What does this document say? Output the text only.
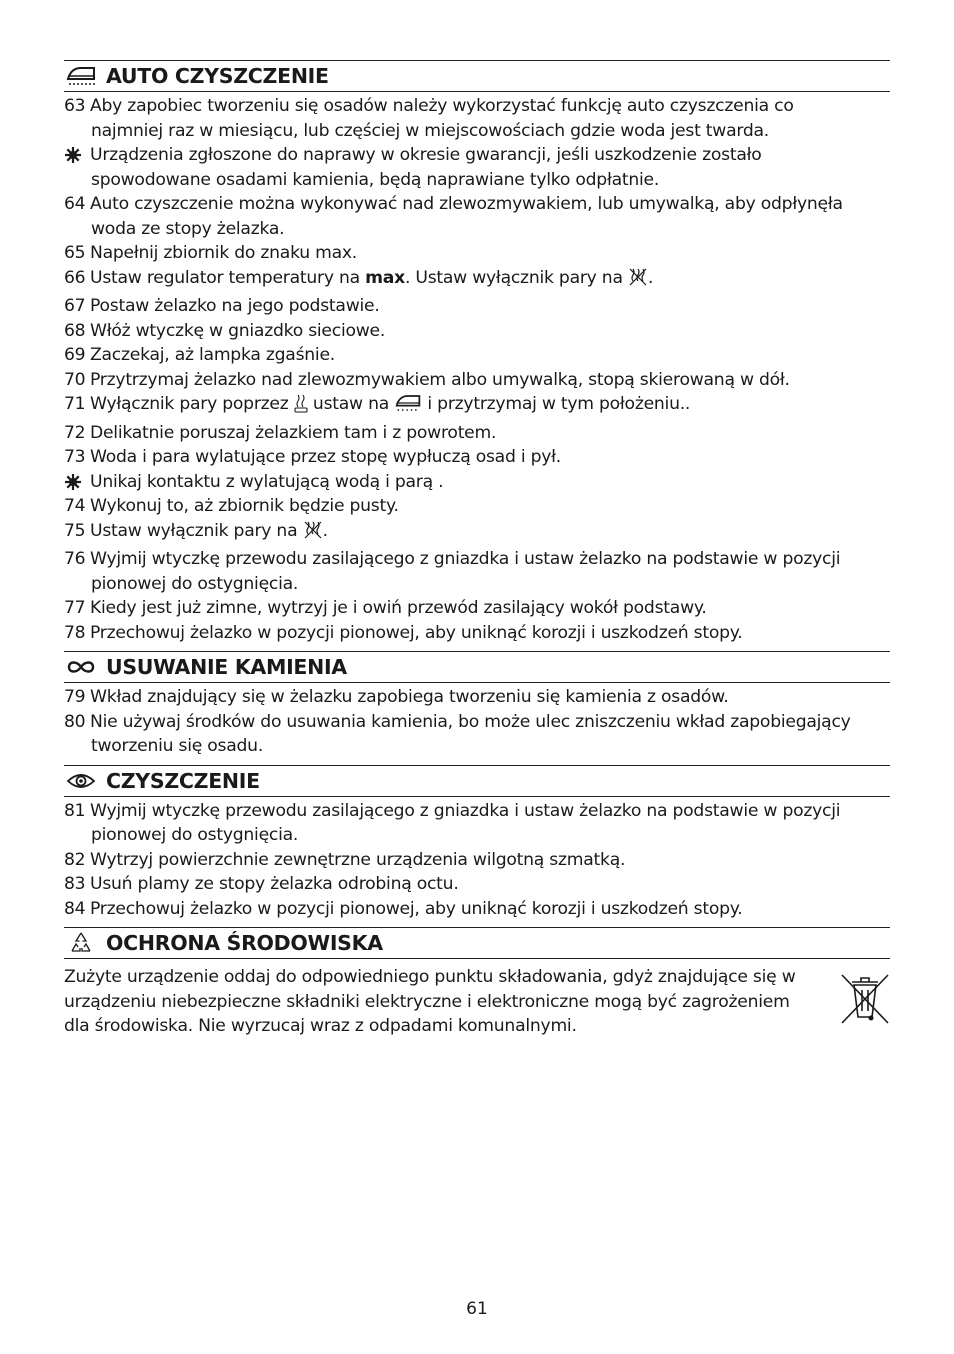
AUTO CZYSZCZENIE
63 Aby zapobiec tworzeniu się osadów należy wykorzystać funkcję auto czyszczenia co
najmniej raz w miesiącu, lub częściej w miejscowościach gdzie woda jest twarda.
Urządzenia zgłoszone do naprawy w okresie gwarancji, jeśli uszkodzenie zostało
spowodowane osadami kamienia, będą naprawiane tylko odpłatnie.
64 Auto czyszczenie można wykonywać nad zlewozmywakiem, lub umywalką, aby odpłynęła
woda ze stopy żelazka.
65 Napełnij zbiornik do znaku max.
66 Ustaw regulator temperatury na max. Ustaw wyłącznik pary na .
67 Postaw żelazko na jego podstawie.
68 Włóż wtyczkę w gniazdko sieciowe.
69 Zaczekaj, aż lampka zgaśnie.
70 Przytrzymaj żelazko nad zlewozmywakiem albo umywalką, stopą skierowaną w dół.
71 Wyłącznik pary poprzez  ustaw na  i przytrzymaj w tym położeniu..
72 Delikatnie poruszaj żelazkiem tam i z powrotem.
73 Woda i para wylatujące przez stopę wypłuczą osad i pył.
Unikaj kontaktu z wylatującą wodą i parą .
74 Wykonuj to, aż zbiornik będzie pusty.
75 Ustaw wyłącznik pary na .
76 Wyjmij wtyczkę przewodu zasilającego z gniazdka i ustaw żelazko na podstawie w pozycji
pionowej do ostygnięcia.
77 Kiedy jest już zimne, wytrzyj je i owiń przewód zasilający wokół podstawy.
78 Przechowuj żelazko w pozycji pionowej, aby uniknąć korozji i uszkodzeń stopy.
USUWANIE KAMIENIA
79 Wkład znajdujący się w żelazku zapobiega tworzeniu się kamienia z osadów.
80 Nie używaj środków do usuwania kamienia, bo może ulec zniszczeniu wkład zapobiegający
tworzeniu się osadu.
CZYSZCZENIE
81 Wyjmij wtyczkę przewodu zasilającego z gniazdka i ustaw żelazko na podstawie w pozycji
pionowej do ostygnięcia.
82 Wytrzyj powierzchnie zewnętrzne urządzenia wilgotną szmatką.
83 Usuń plamy ze stopy żelazka odrobiną octu.
84 Przechowuj żelazko w pozycji pionowej, aby uniknąć korozji i uszkodzeń stopy.
OCHRONA ŚRODOWISKA
Zużyte urządzenie oddaj do odpowiedniego punktu składowania, gdyż znajdujące się w
urządzeniu niebezpieczne składniki elektryczne i elektroniczne mogą być zagrożeniem
dla środowiska. Nie wyrzucaj wraz z odpadami komunalnymi.
61
